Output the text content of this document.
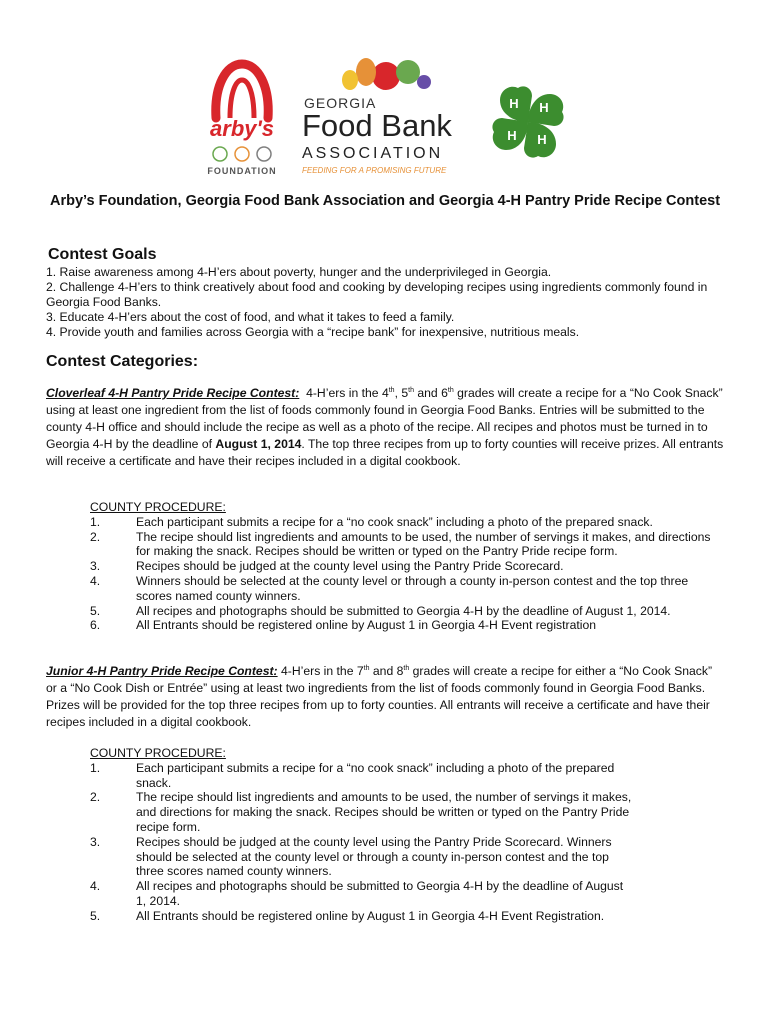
arby's
FOUNDATION
GEORGIA
Food Bank
ASSOCIATION
FEEDING FOR A PROMISING FUTURE
H H
H
H
Arby’s Foundation, Georgia Food Bank Association and Georgia 4-H Pantry Pride Recipe Contest
Contest Goals
1. Raise awareness among 4-H’ers about poverty, hunger and the underprivileged in Georgia.
2. Challenge 4-H’ers to think creatively about food and cooking by developing recipes using ingredients commonly found in Georgia Food Banks.
3. Educate 4-H’ers about the cost of food, and what it takes to feed a family.
4. Provide youth and families across Georgia with a “recipe bank” for inexpensive, nutritious meals.
Contest Categories:
Cloverleaf 4-H Pantry Pride Recipe Contest: 4-H’ers in the 4th, 5th and 6th grades will create a recipe for a “No Cook Snack” using at least one ingredient from the list of foods commonly found in Georgia Food Banks. Entries will be submitted to the county 4-H office and should include the recipe as well as a photo of the recipe. All recipes and photos must be turned in to Georgia 4-H by the deadline of August 1, 2014. The top three recipes from up to forty counties will receive prizes. All entrants will receive a certificate and have their recipes included in a digital cookbook.
COUNTY PROCEDURE:
1.	Each participant submits a recipe for a “no cook snack” including a photo of the prepared snack.
2.	The recipe should list ingredients and amounts to be used, the number of servings it makes, and directions for making the snack. Recipes should be written or typed on the Pantry Pride recipe form.
3.	Recipes should be judged at the county level using the Pantry Pride Scorecard.
4.	Winners should be selected at the county level or through a county in-person contest and the top three scores named county winners.
5.	All recipes and photographs should be submitted to Georgia 4-H by the deadline of August 1, 2014.
6.	All Entrants should be registered online by August 1 in Georgia 4-H Event registration
Junior 4-H Pantry Pride Recipe Contest: 4-H’ers in the 7th and 8th grades will create a recipe for either a “No Cook Snack” or a “No Cook Dish or Entrée” using at least two ingredients from the list of foods commonly found in Georgia Food Banks. Prizes will be provided for the top three recipes from up to forty counties. All entrants will receive a certificate and have their recipes included in a digital cookbook.
COUNTY PROCEDURE:
1.	Each participant submits a recipe for a “no cook snack” including a photo of the prepared snack.
2.	The recipe should list ingredients and amounts to be used, the number of servings it makes, and directions for making the snack. Recipes should be written or typed on the Pantry Pride recipe form.
3.	Recipes should be judged at the county level using the Pantry Pride Scorecard. Winners should be selected at the county level or through a county in-person contest and the top three scores named county winners.
4.	All recipes and photographs should be submitted to Georgia 4-H by the deadline of August 1, 2014.
5.	All Entrants should be registered online by August 1 in Georgia 4-H Event Registration.
